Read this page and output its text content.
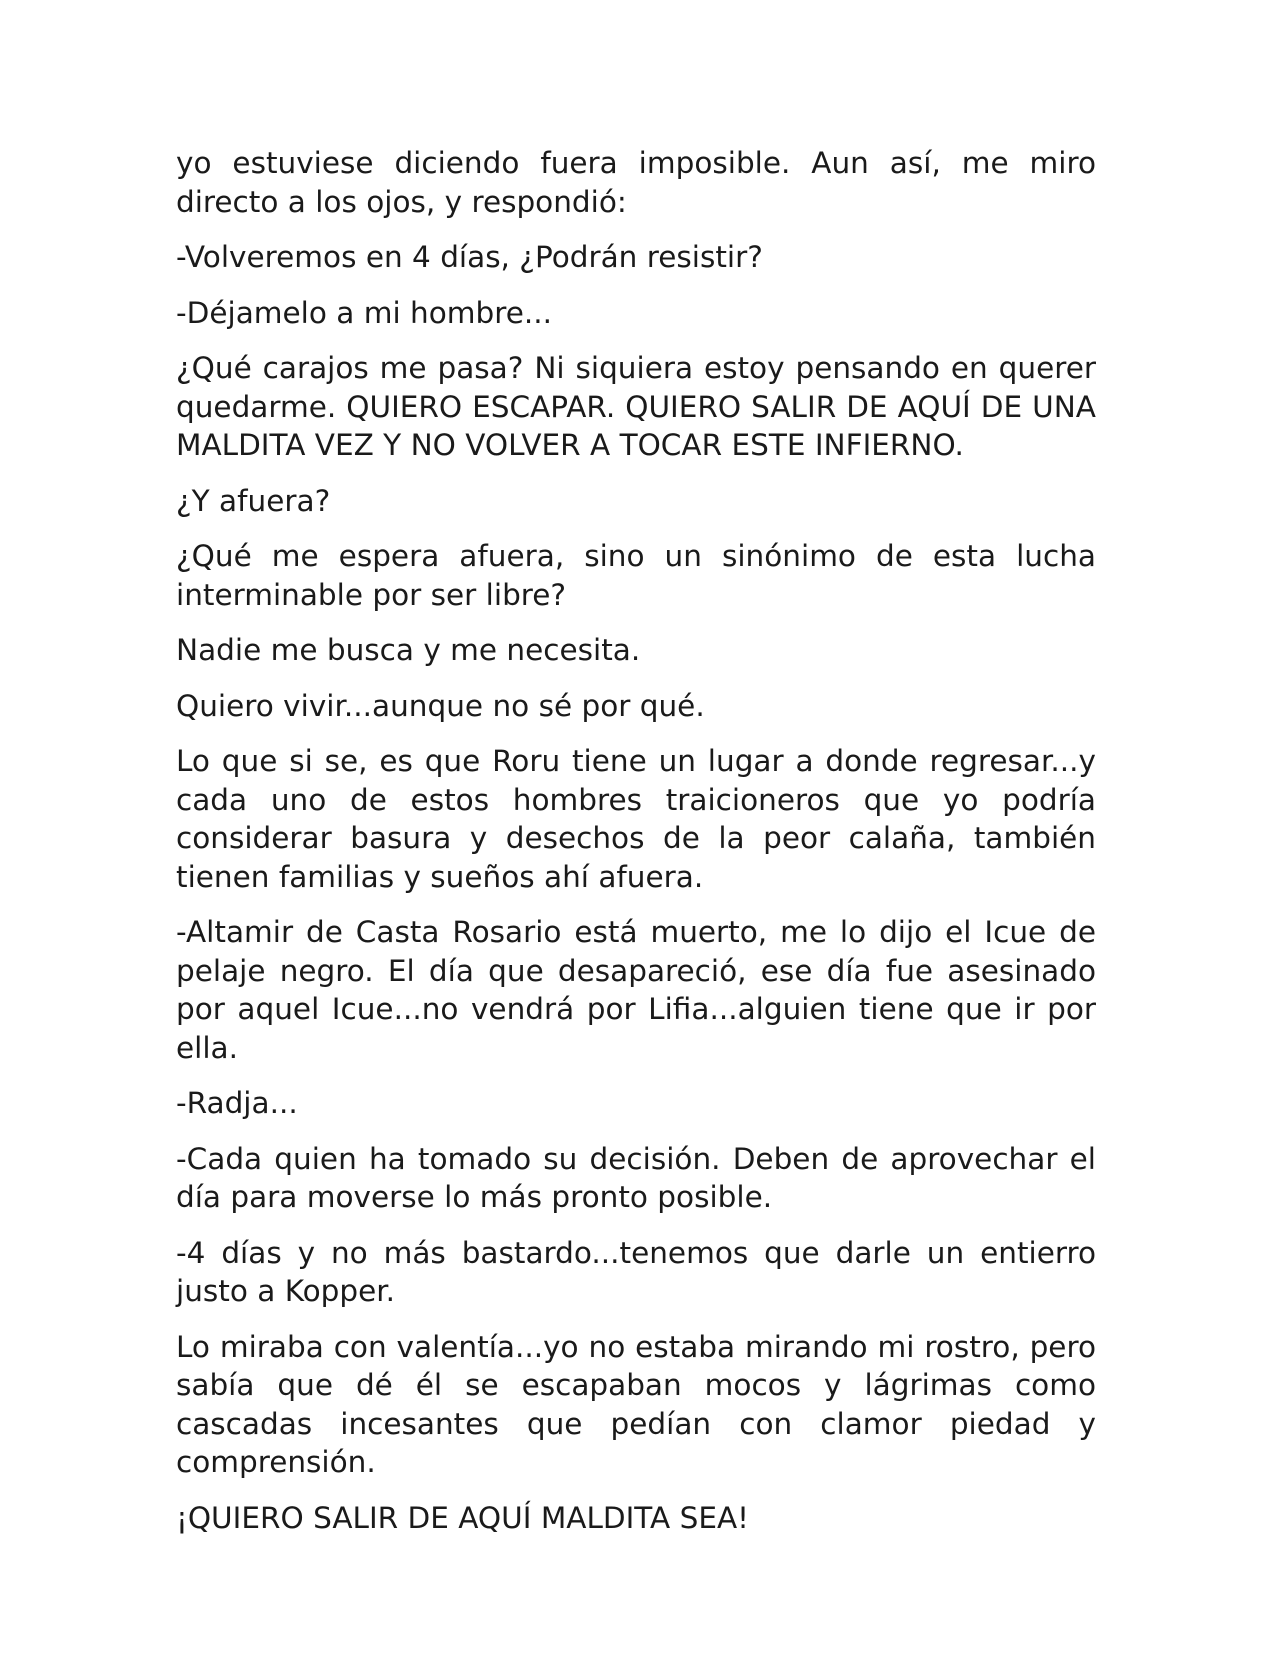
yo estuviese diciendo fuera imposible. Aun así, me miro directo a los ojos, y respondió:

-Volveremos en 4 días, ¿Podrán resistir?

-Déjamelo a mi hombre...

¿Qué carajos me pasa? Ni siquiera estoy pensando en querer quedarme. QUIERO ESCAPAR. QUIERO SALIR DE AQUÍ DE UNA MALDITA VEZ Y NO VOLVER A TOCAR ESTE INFIERNO.

¿Y afuera?

¿Qué me espera afuera, sino un sinónimo de esta lucha interminable por ser libre?

Nadie me busca y me necesita.

Quiero vivir...aunque no sé por qué.

Lo que si se, es que Roru tiene un lugar a donde regresar...y cada uno de estos hombres traicioneros que yo podría considerar basura y desechos de la peor calaña, también tienen familias y sueños ahí afuera.

-Altamir de Casta Rosario está muerto, me lo dijo el Icue de pelaje negro. El día que desapareció, ese día fue asesinado por aquel Icue...no vendrá por Lifia...alguien tiene que ir por ella.

-Radja...

-Cada quien ha tomado su decisión. Deben de aprovechar el día para moverse lo más pronto posible.

-4 días y no más bastardo...tenemos que darle un entierro justo a Kopper.

Lo miraba con valentía...yo no estaba mirando mi rostro, pero sabía que dé él se escapaban mocos y lágrimas como cascadas incesantes que pedían con clamor piedad y comprensión.

¡QUIERO SALIR DE AQUÍ MALDITA SEA!
